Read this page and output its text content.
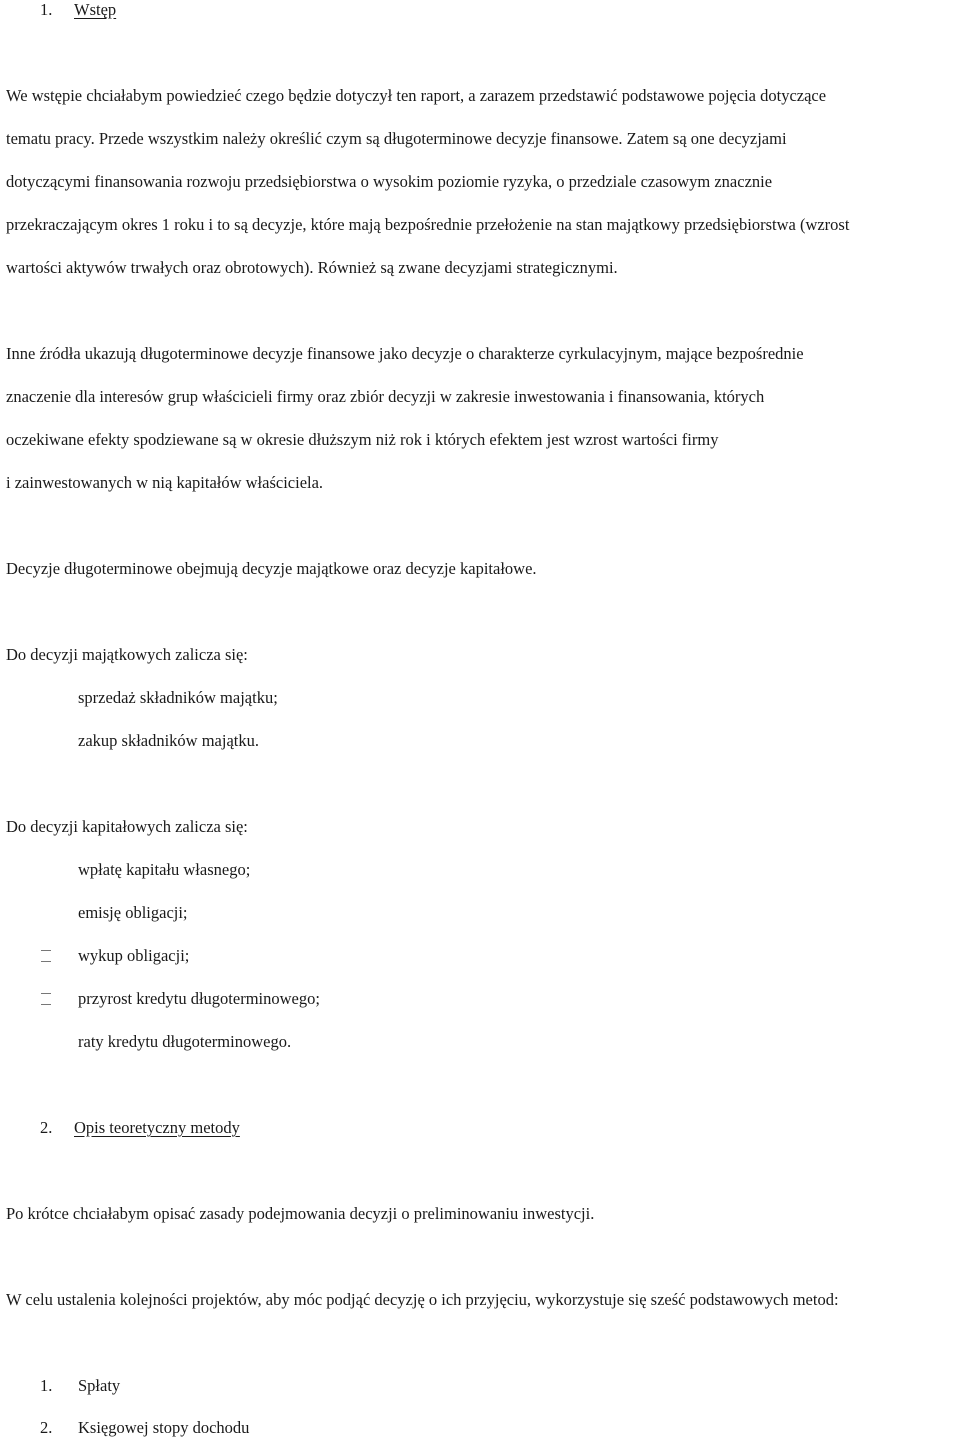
1. Wstęp
We wstępie chciałabym powiedzieć czego będzie dotyczył ten raport, a zarazem przedstawić podstawowe pojęcia dotyczące
tematu pracy. Przede wszystkim należy określić czym są długoterminowe decyzje finansowe. Zatem są one decyzjami
dotyczącymi finansowania rozwoju przedsiębiorstwa o wysokim poziomie ryzyka, o przedziale czasowym znacznie
przekraczającym okres 1 roku i to są decyzje, które mają bezpośrednie przełożenie na stan majątkowy przedsiębiorstwa (wzrost
wartości aktywów trwałych oraz obrotowych). Również są zwane decyzjami strategicznymi.
Inne źródła ukazują długoterminowe decyzje finansowe jako decyzje o charakterze cyrkulacyjnym, mające bezpośrednie
znaczenie dla interesów grup właścicieli firmy oraz zbiór decyzji w zakresie inwestowania i finansowania, których
oczekiwane efekty spodziewane są w okresie dłuższym niż rok i których efektem jest wzrost wartości firmy
i zainwestowanych w nią kapitałów właściciela.
Decyzje długoterminowe obejmują decyzje majątkowe oraz decyzje kapitałowe.
Do decyzji majątkowych zalicza się:
sprzedaż składników majątku;
zakup składników majątku.
Do decyzji kapitałowych zalicza się:
wpłatę kapitału własnego;
emisję obligacji;
wykup obligacji;
przyrost kredytu długoterminowego;
raty kredytu długoterminowego.
2. Opis teoretyczny metody
Po krótce chciałabym opisać zasady podejmowania decyzji o preliminowaniu inwestycji.
W celu ustalenia kolejności projektów, aby móc podjąć decyzję o ich przyjęciu, wykorzystuje się sześć podstawowych metod:
1. Spłaty
2. Księgowej stopy dochodu
